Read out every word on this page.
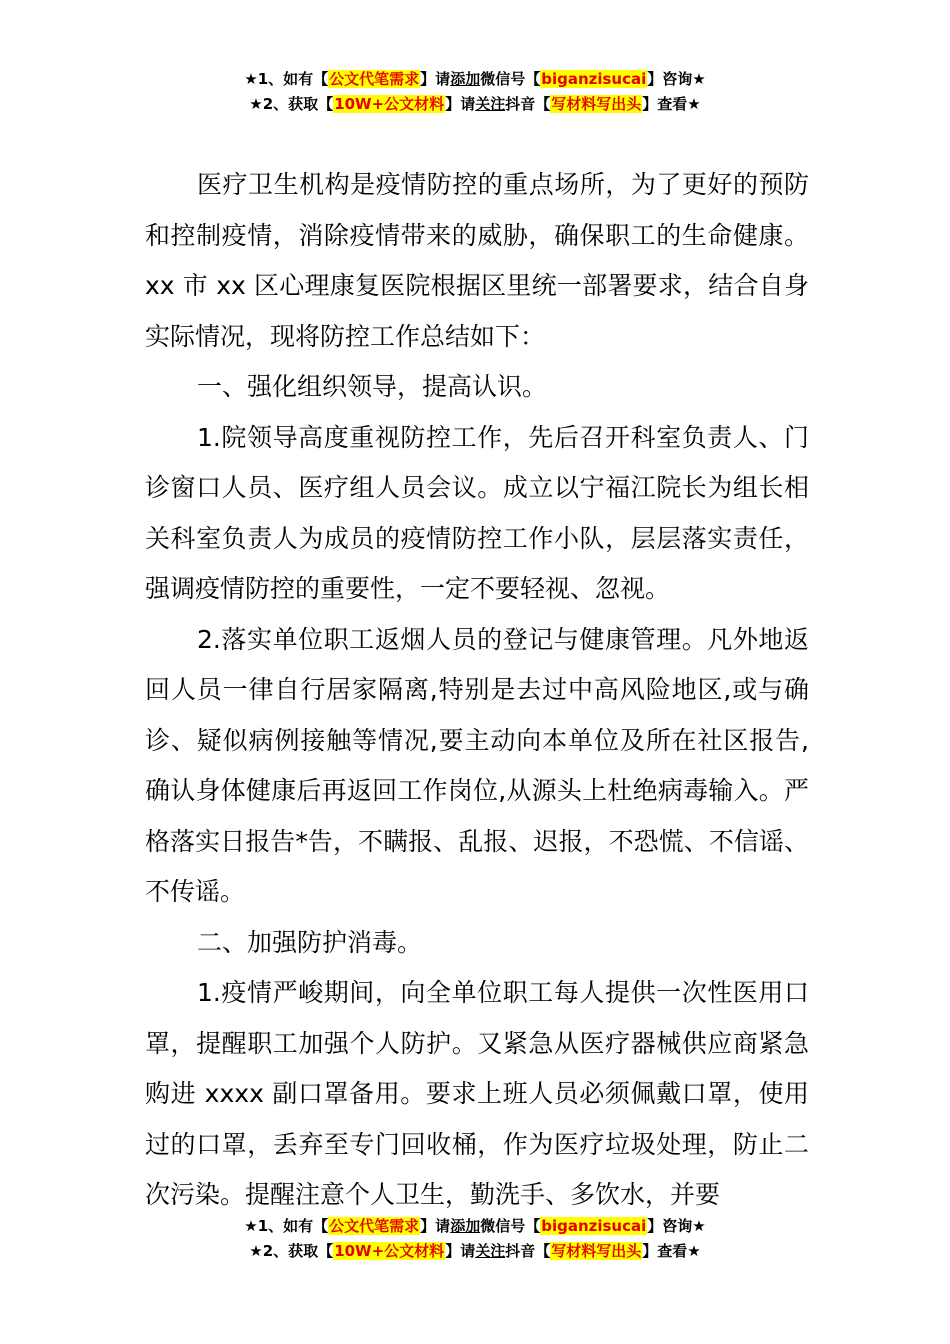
★1、如有【公文代笔需求】请添加微信号【biganzisucai】咨询★
★2、获取【10W+公文材料】请关注抖音【写材料写出头】查看★

医疗卫生机构是疫情防控的重点场所，为了更好的预防和控制疫情，消除疫情带来的威胁，确保职工的生命健康。xx 市 xx 区心理康复医院根据区里统一部署要求，结合自身实际情况，现将防控工作总结如下：

一、强化组织领导，提高认识。

1.院领导高度重视防控工作，先后召开科室负责人、门诊窗口人员、医疗组人员会议。成立以宁福江院长为组长相关科室负责人为成员的疫情防控工作小队，层层落实责任，强调疫情防控的重要性，一定不要轻视、忽视。

2.落实单位职工返烟人员的登记与健康管理。凡外地返回人员一律自行居家隔离,特别是去过中高风险地区,或与确诊、疑似病例接触等情况,要主动向本单位及所在社区报告,确认身体健康后再返回工作岗位,从源头上杜绝病毒输入。严格落实日报告*告，不瞒报、乱报、迟报，不恐慌、不信谣、不传谣。

二、加强防护消毒。

1.疫情严峻期间，向全单位职工每人提供一次性医用口罩，提醒职工加强个人防护。又紧急从医疗器械供应商紧急购进 xxxx 副口罩备用。要求上班人员必须佩戴口罩，使用过的口罩，丢弃至专门回收桶，作为医疗垃圾处理，防止二次污染。提醒注意个人卫生，勤洗手、多饮水，并要

★1、如有【公文代笔需求】请添加微信号【biganzisucai】咨询★
★2、获取【10W+公文材料】请关注抖音【写材料写出头】查看★
